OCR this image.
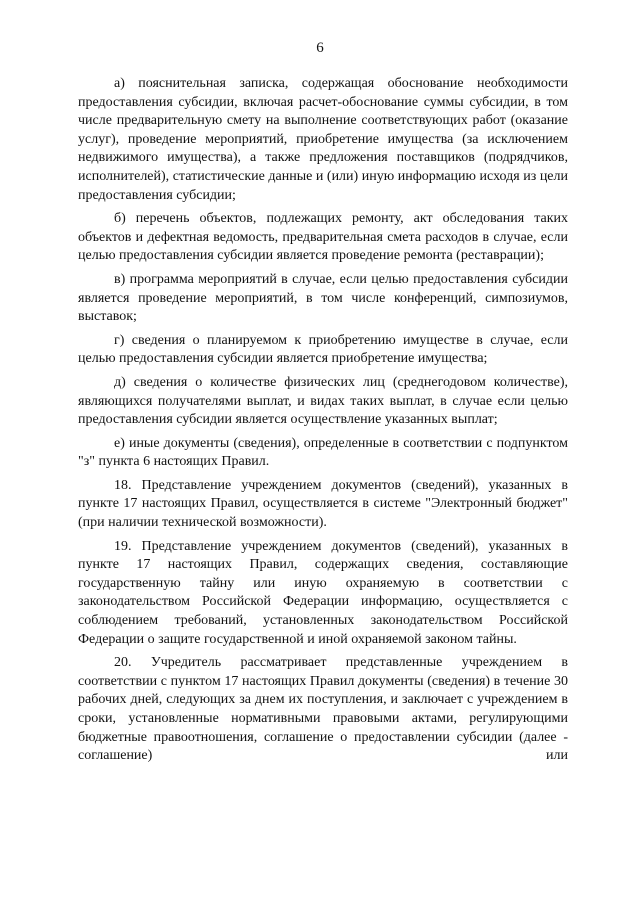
6

а) пояснительная записка, содержащая обоснование необходимости предоставления субсидии, включая расчет-обоснование суммы субсидии, в том числе предварительную смету на выполнение соответствующих работ (оказание услуг), проведение мероприятий, приобретение имущества (за исключением недвижимого имущества), а также предложения поставщиков (подрядчиков, исполнителей), статистические данные и (или) иную информацию исходя из цели предоставления субсидии;

б) перечень объектов, подлежащих ремонту, акт обследования таких объектов и дефектная ведомость, предварительная смета расходов в случае, если целью предоставления субсидии является проведение ремонта (реставрации);

в) программа мероприятий в случае, если целью предоставления субсидии является проведение мероприятий, в том числе конференций, симпозиумов, выставок;

г) сведения о планируемом к приобретению имуществе в случае, если целью предоставления субсидии является приобретение имущества;

д) сведения о количестве физических лиц (среднегодовом количестве), являющихся получателями выплат, и видах таких выплат, в случае если целью предоставления субсидии является осуществление указанных выплат;

е) иные документы (сведения), определенные в соответствии с подпунктом "з" пункта 6 настоящих Правил.

18. Представление учреждением документов (сведений), указанных в пункте 17 настоящих Правил, осуществляется в системе "Электронный бюджет" (при наличии технической возможности).

19. Представление учреждением документов (сведений), указанных в пункте 17 настоящих Правил, содержащих сведения, составляющие государственную тайну или иную охраняемую в соответствии с законодательством Российской Федерации информацию, осуществляется с соблюдением требований, установленных законодательством Российской Федерации о защите государственной и иной охраняемой законом тайны.

20. Учредитель рассматривает представленные учреждением в соответствии с пунктом 17 настоящих Правил документы (сведения) в течение 30 рабочих дней, следующих за днем их поступления, и заключает с учреждением в сроки, установленные нормативными правовыми актами, регулирующими бюджетные правоотношения, соглашение о предоставлении субсидии (далее - соглашение) или
